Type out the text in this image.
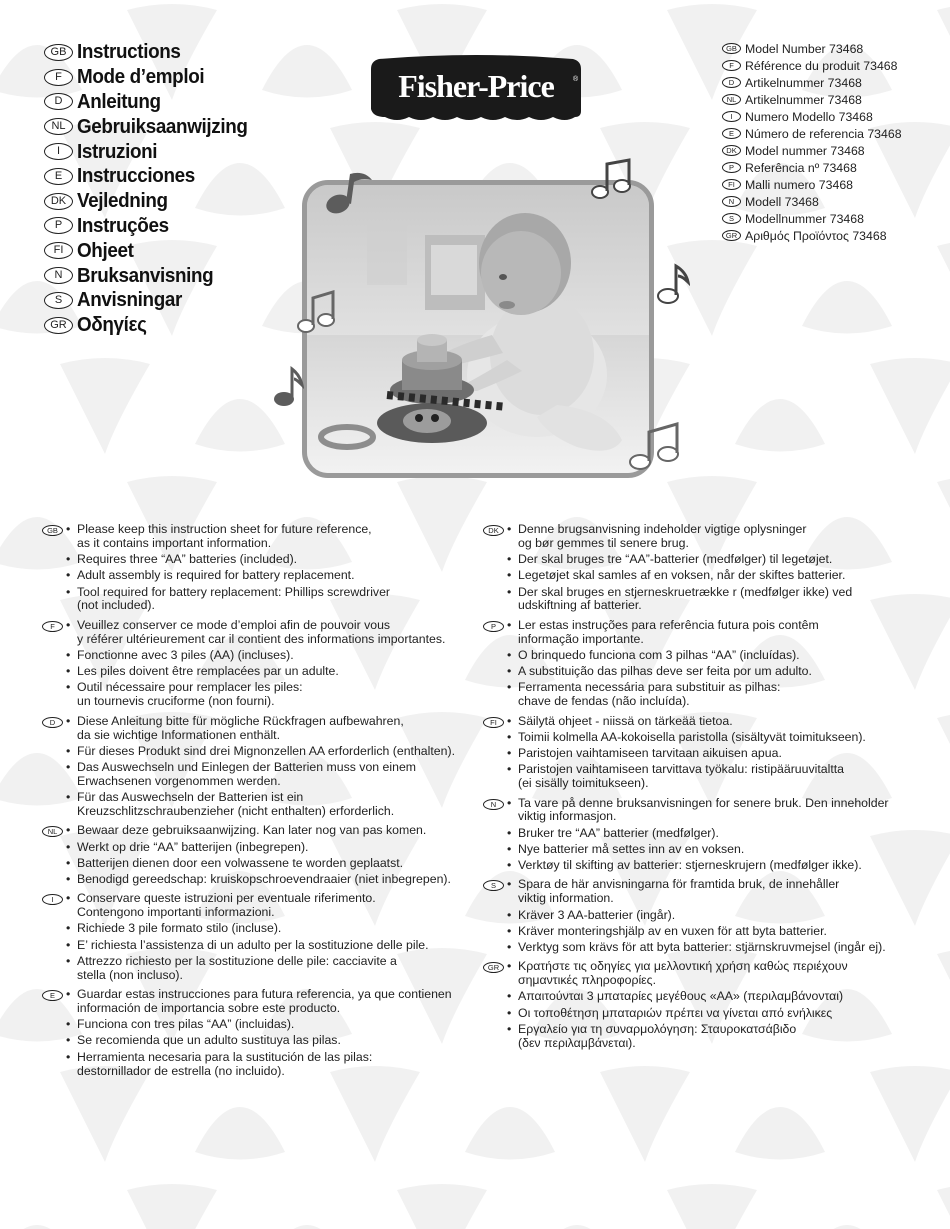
GB Instructions
F Mode d’emploi
D Anleitung
NL Gebruiksaanwijzing
I Istruzioni
E Instrucciones
DK Vejledning
P Instruções
FI Ohjeet
N Bruksanvisning
S Anvisningar
GR Οδηγίες
Fisher-Price	®
GB Model Number 73468
F Référence du produit 73468
D Artikelnummer 73468
NL Artikelnummer 73468
I	Numero Modello 73468
E Número de referencia 73468
DK Model nummer 73468
P Referência nº 73468
FI Malli numero 73468
N Modell 73468
S Modellnummer 73468
GR Αριθμός Προϊόντος 73468
GB • Please keep this instruction sheet for future reference,
as it contains important information.
• Requires three “AA” batteries (included).
• Adult assembly is required for battery replacement.
• Tool required for battery replacement: Phillips screwdriver
(not included).
F • Veuillez conserver ce mode d’emploi afin de pouvoir vous
y référer ultérieurement car il contient des informations importantes.
• Fonctionne avec 3 piles (AA) (incluses).
• Les piles doivent être remplacées par un adulte.
• Outil nécessaire pour remplacer les piles:
un tournevis cruciforme (non fourni).
D • Diese Anleitung bitte für mögliche Rückfragen aufbewahren,
da sie wichtige Informationen enthält.
• Für dieses Produkt sind drei Mignonzellen AA erforderlich (enthalten).
• Das Auswechseln und Einlegen der Batterien muss von einem
Erwachsenen vorgenommen werden.
• Für das Auswechseln der Batterien ist ein
Kreuzschlitzschraubenzieher (nicht enthalten) erforderlich.
NL • Bewaar deze gebruiksaanwijzing. Kan later nog van pas komen.
• Werkt op drie “AA” batterijen (inbegrepen).
• Batterijen dienen door een volwassene te worden geplaatst.
• Benodigd gereedschap: kruiskopschroevendraaier (niet inbegrepen).
I	• Conservare queste istruzioni per eventuale riferimento.
Contengono importanti informazioni.
• Richiede 3 pile formato stilo (incluse).
• E’ richiesta l’assistenza di un adulto per la sostituzione delle pile.
• Attrezzo richiesto per la sostituzione delle pile: cacciavite a
stella (non incluso).
E • Guardar estas instrucciones para futura referencia, ya que contienen
información de importancia sobre este producto.
• Funciona con tres pilas “AA” (incluidas).
• Se recomienda que un adulto sustituya las pilas.
• Herramienta necesaria para la sustitución de las pilas:
destornillador de estrella (no incluido).
DK • Denne brugsanvisning indeholder vigtige oplysninger
og bør gemmes til senere brug.
• Der skal bruges tre “AA”-batterier (medfølger) til legetøjet.
• Legetøjet skal samles af en voksen, når der skiftes batterier.
• Der skal bruges en stjerneskruetrække r (medfølger ikke) ved
udskiftning af batterier.
P • Ler estas instruções para referência futura pois contêm
informação importante.
• O brinquedo funciona com 3 pilhas “AA” (incluídas).
• A substituição das pilhas deve ser feita por um adulto.
• Ferramenta necessária para substituir as pilhas:
chave de fendas (não incluída).
FI • Säilytä ohjeet - niissä on tärkeää tietoa.
• Toimii kolmella AA-kokoisella paristolla (sisältyvät toimitukseen).
• Paristojen vaihtamiseen tarvitaan aikuisen apua.
• Paristojen vaihtamiseen tarvittava työkalu: ristipääruuvitaltta
(ei sisälly toimitukseen).
N • Ta vare på denne bruksanvisningen for senere bruk. Den inneholder
viktig informasjon.
• Bruker tre “AA” batterier (medfølger).
• Nye batterier må settes inn av en voksen.
• Verktøy til skifting av batterier: stjerneskrujern (medfølger ikke).
S • Spara de här anvisningarna för framtida bruk, de innehåller
viktig information.
• Kräver 3 AA-batterier (ingår).
• Kräver monteringshjälp av en vuxen för att byta batterier.
• Verktyg som krävs för att byta batterier: stjärnskruvmejsel (ingår ej).
GR • Κρατήστε τις οδηγίες για μελλοντική χρήση καθώς περιέχουν
σημαντικές πληροφορίες.
• Απαιτούνται 3 μπαταρίες μεγέθους «AA» (περιλαμβάνονται)
• Οι τοποθέτηση μπαταριών πρέπει να γίνεται από ενήλικες
• Εργαλείο για τη συναρμολόγηση: Σταυροκατσάβιδο
(δεν περιλαμβάνεται).
